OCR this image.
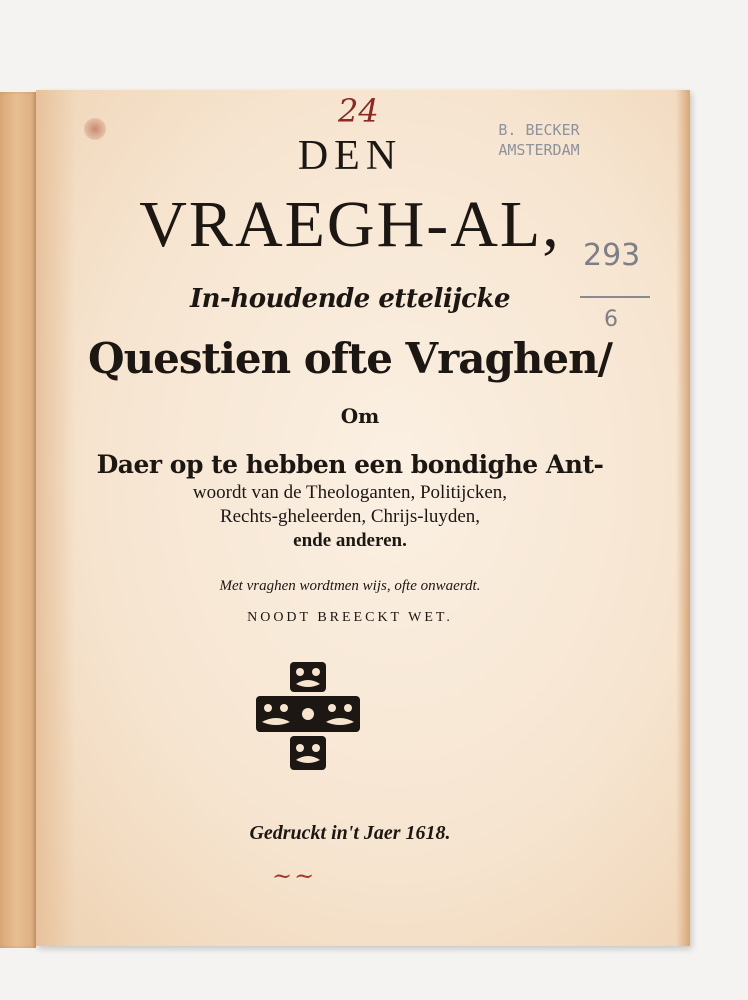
24	B. BECKER
AMSTERDAM
293
6
DEN
VRAEGH-AL,
In-houdende ettelijcke
Questien ofte Vraghen/
Om
Daer op te hebben een bondighe Ant-
woordt van de Theologanten, Politijcken,
Rechts-gheleerden, Chrijs-luyden,
ende anderen.
Met vraghen wordtmen wijs, ofte onwaerdt.
NOODT BREECKT WET.
Gedruckt in't Jaer 1618.
~~
